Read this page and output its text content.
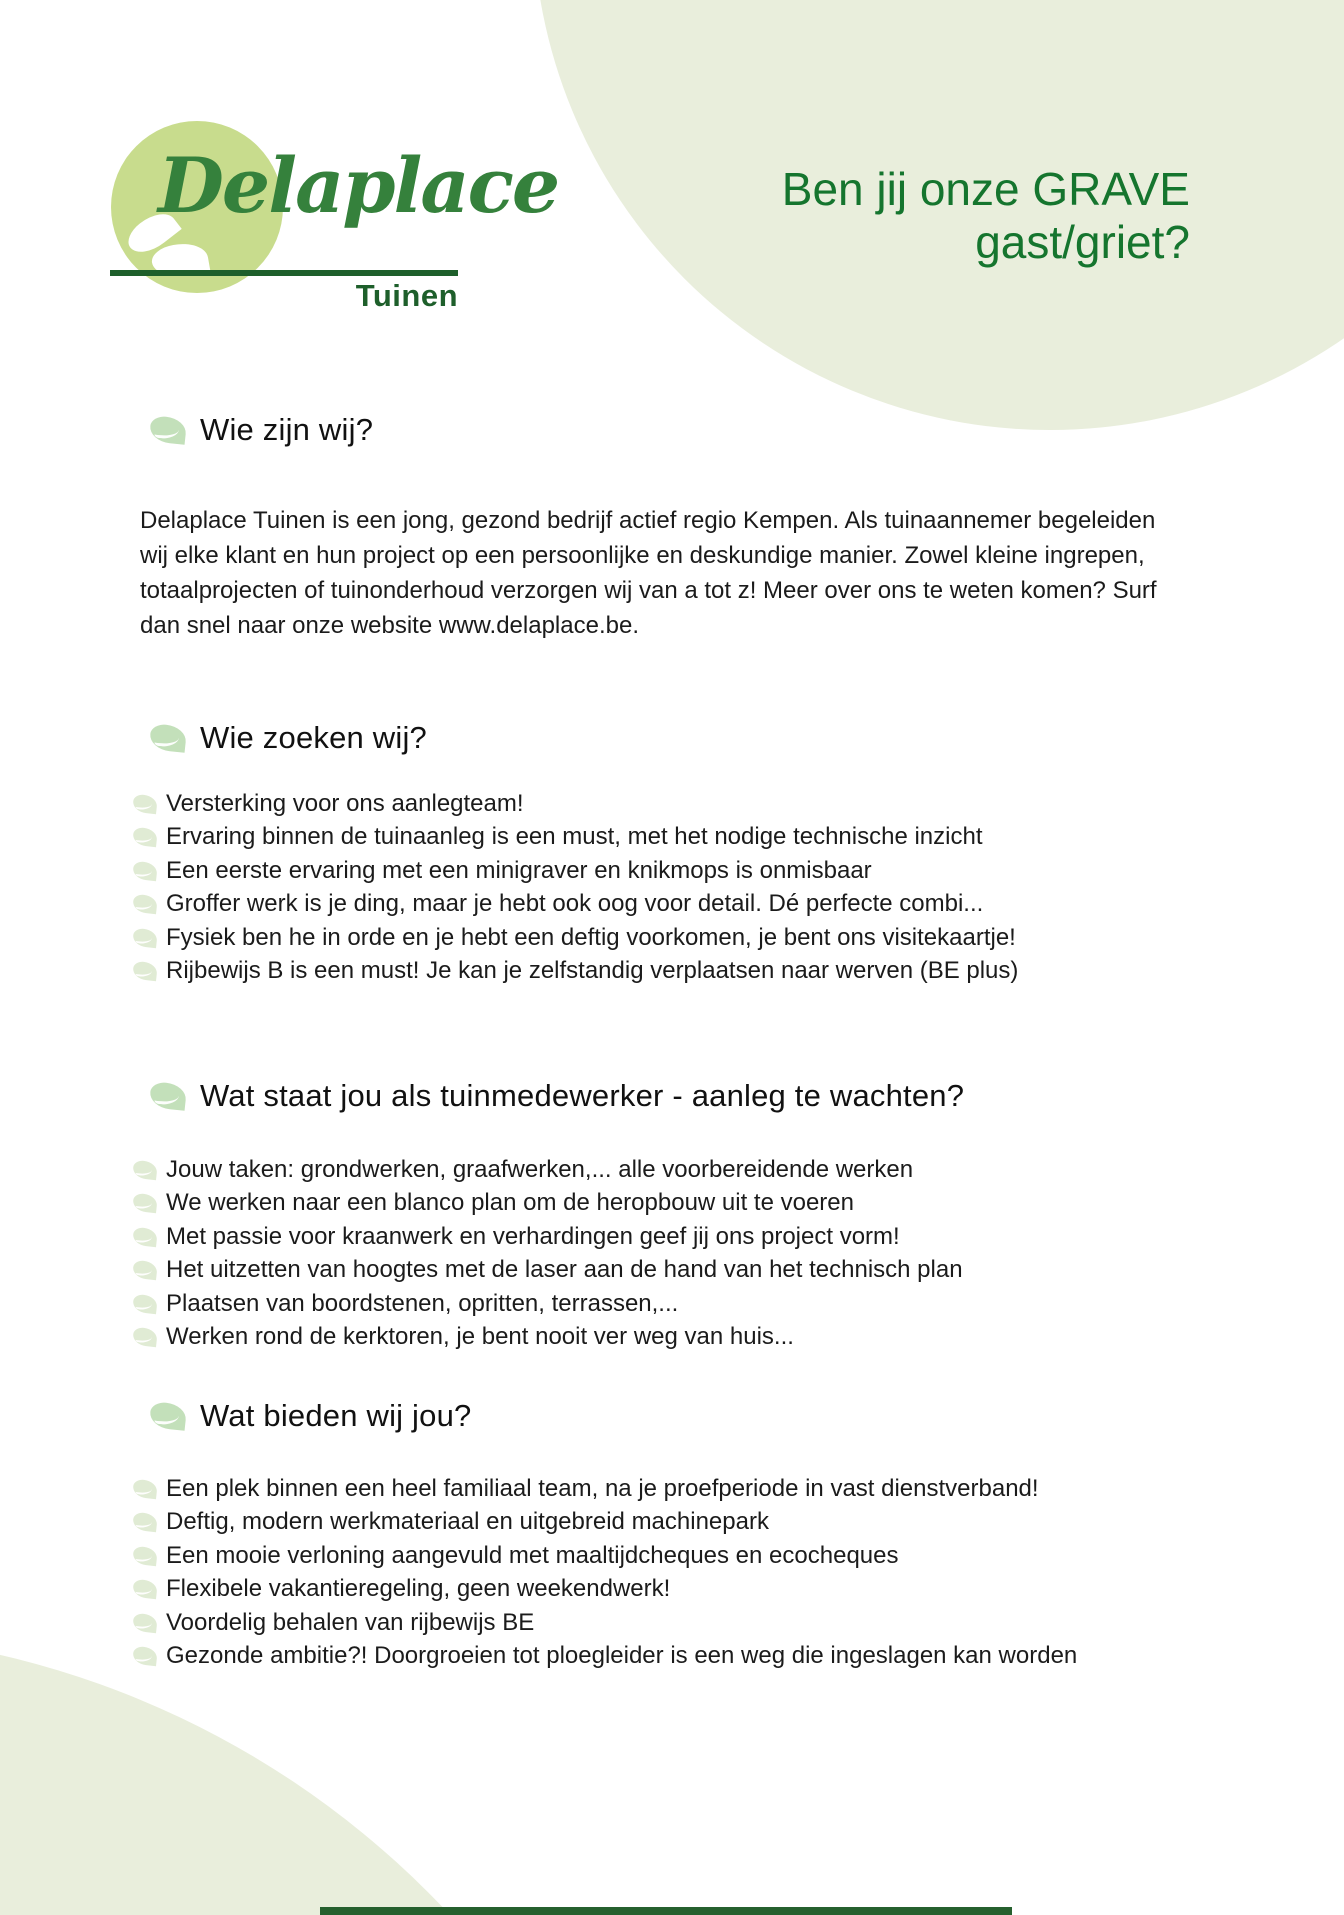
Delaplace
Tuinen
Ben jij onze GRAVE
gast/griet?
Wie zijn wij?
Delaplace Tuinen is een jong, gezond bedrijf actief regio Kempen. Als tuinaannemer begeleiden wij elke klant en hun project op een persoonlijke en deskundige manier. Zowel kleine ingrepen, totaalprojecten of tuinonderhoud verzorgen wij van a tot z! Meer over ons te weten komen? Surf dan snel naar onze website www.delaplace.be.
Wie zoeken wij?
Versterking voor ons aanlegteam!
Ervaring binnen de tuinaanleg is een must, met het nodige technische inzicht
Een eerste ervaring met een minigraver en knikmops is onmisbaar
Groffer werk is je ding, maar je hebt ook oog voor detail. Dé perfecte combi...
Fysiek ben he in orde en je hebt een deftig voorkomen, je bent ons visitekaartje!
Rijbewijs B is een must! Je kan je zelfstandig verplaatsen naar werven (BE plus)
Wat staat jou als tuinmedewerker - aanleg te wachten?
Jouw taken: grondwerken, graafwerken,... alle voorbereidende werken
We werken naar een blanco plan om de heropbouw uit te voeren
Met passie voor kraanwerk en verhardingen geef jij ons project vorm!
Het uitzetten van hoogtes met de laser aan de hand van het technisch plan
Plaatsen van boordstenen, opritten, terrassen,...
Werken rond de kerktoren, je bent nooit ver weg van huis...
Wat bieden wij jou?
Een plek binnen een heel familiaal team, na je proefperiode in vast dienstverband!
Deftig, modern werkmateriaal en uitgebreid machinepark
Een mooie verloning aangevuld met maaltijdcheques en ecocheques
Flexibele vakantieregeling, geen weekendwerk!
Voordelig behalen van rijbewijs BE
Gezonde ambitie?! Doorgroeien tot ploegleider is een weg die ingeslagen kan worden
